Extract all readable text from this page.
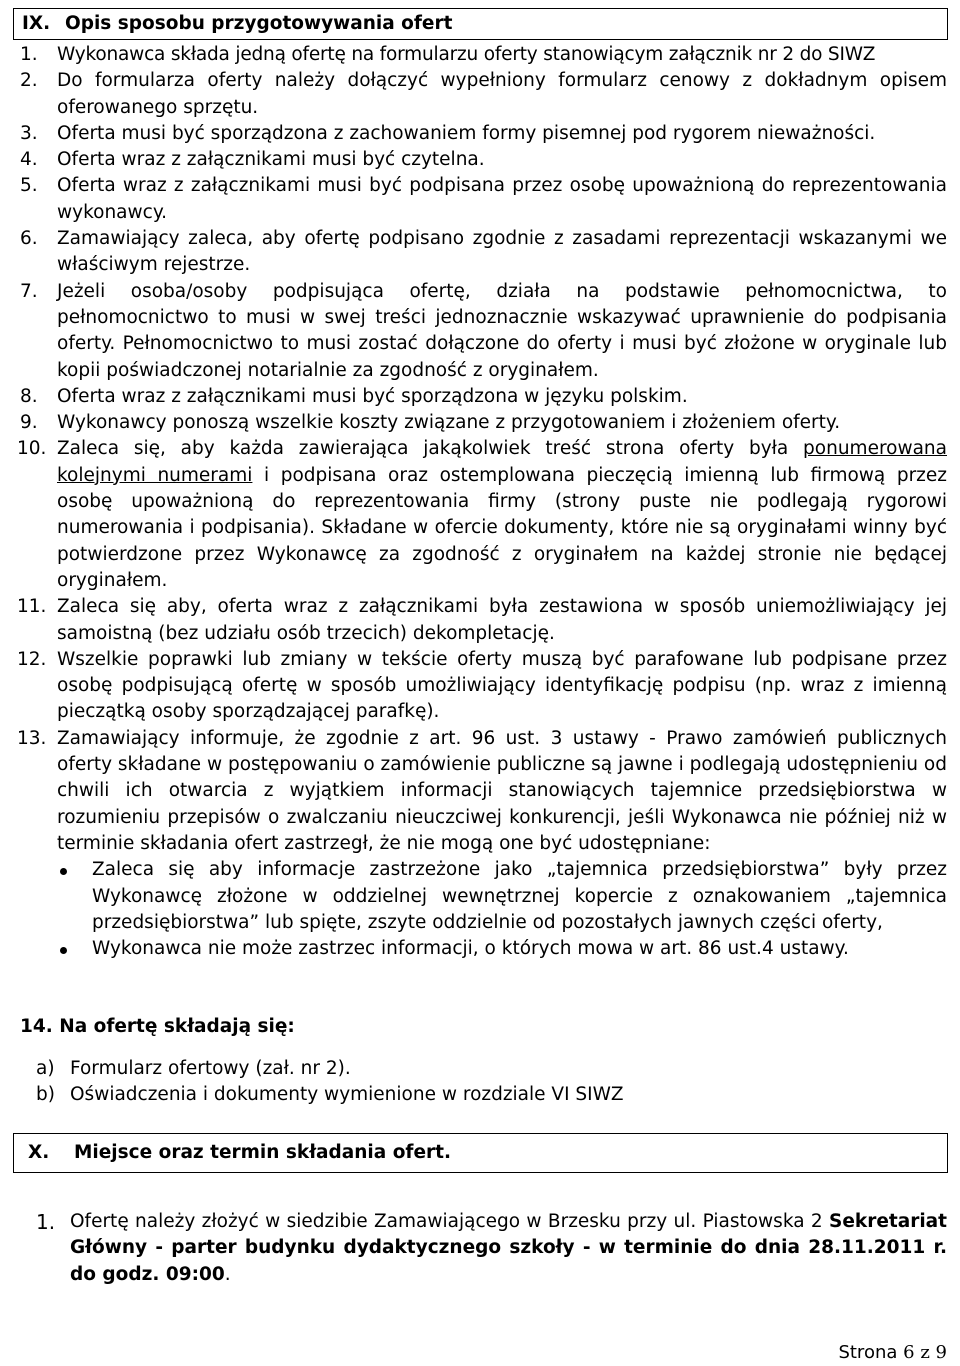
IX. Opis sposobu przygotowywania ofert
1. Wykonawca składa jedną ofertę na formularzu oferty stanowiącym załącznik nr 2 do SIWZ
2. Do formularza oferty należy dołączyć wypełniony formularz cenowy z dokładnym opisem oferowanego sprzętu.
3. Oferta musi być sporządzona z zachowaniem formy pisemnej pod rygorem nieważności.
4. Oferta wraz z załącznikami musi być czytelna.
5. Oferta wraz z załącznikami musi być podpisana przez osobę upoważnioną do reprezentowania wykonawcy.
6. Zamawiający zaleca, aby ofertę podpisano zgodnie z zasadami reprezentacji wskazanymi we właściwym rejestrze.
7. Jeżeli osoba/osoby podpisująca ofertę, działa na podstawie pełnomocnictwa, to pełnomocnictwo to musi w swej treści jednoznacznie wskazywać uprawnienie do podpisania oferty. Pełnomocnictwo to musi zostać dołączone do oferty i musi być złożone w oryginale lub kopii poświadczonej notarialnie za zgodność z oryginałem.
8. Oferta wraz z załącznikami musi być sporządzona w języku polskim.
9. Wykonawcy ponoszą wszelkie koszty związane z przygotowaniem i złożeniem oferty.
10. Zaleca się, aby każda zawierająca jakąkolwiek treść strona oferty była ponumerowana kolejnymi numerami i podpisana oraz ostemplowana pieczęcią imienną lub firmową przez osobę upoważnioną do reprezentowania firmy (strony puste nie podlegają rygorowi numerowania i podpisania). Składane w ofercie dokumenty, które nie są oryginałami winny być potwierdzone przez Wykonawcę za zgodność z oryginałem na każdej stronie nie będącej oryginałem.
11. Zaleca się aby, oferta wraz z załącznikami była zestawiona w sposób uniemożliwiający jej samoistną (bez udziału osób trzecich) dekompletację.
12. Wszelkie poprawki lub zmiany w tekście oferty muszą być parafowane lub podpisane przez osobę podpisującą ofertę w sposób umożliwiający identyfikację podpisu (np. wraz z imienną pieczątką osoby sporządzającej parafkę).
13. Zamawiający informuje, że zgodnie z art. 96 ust. 3 ustawy - Prawo zamówień publicznych oferty składane w postępowaniu o zamówienie publiczne są jawne i podlegają udostępnieniu od chwili ich otwarcia z wyjątkiem informacji stanowiących tajemnice przedsiębiorstwa w rozumieniu przepisów o zwalczaniu nieuczciwej konkurencji, jeśli Wykonawca nie później niż w terminie składania ofert zastrzegł, że nie mogą one być udostępniane:
Zaleca się aby informacje zastrzeżone jako „tajemnica przedsiębiorstwa” były przez Wykonawcę złożone w oddzielnej wewnętrznej kopercie z oznakowaniem „tajemnica przedsiębiorstwa” lub spięte, zszyte oddzielnie od pozostałych jawnych części oferty,
Wykonawca nie może zastrzec informacji, o których mowa w art. 86 ust.4 ustawy.
14. Na ofertę składają się:
a) Formularz ofertowy (zał. nr 2).
b) Oświadczenia i dokumenty wymienione w rozdziale VI SIWZ
X.	Miejsce oraz termin składania ofert.
1. Ofertę należy złożyć w siedzibie Zamawiającego w Brzesku przy ul. Piastowska 2 Sekretariat Główny - parter budynku dydaktycznego szkoły - w terminie do dnia 28.11.2011 r. do godz. 09:00.
Strona 6 z 9
